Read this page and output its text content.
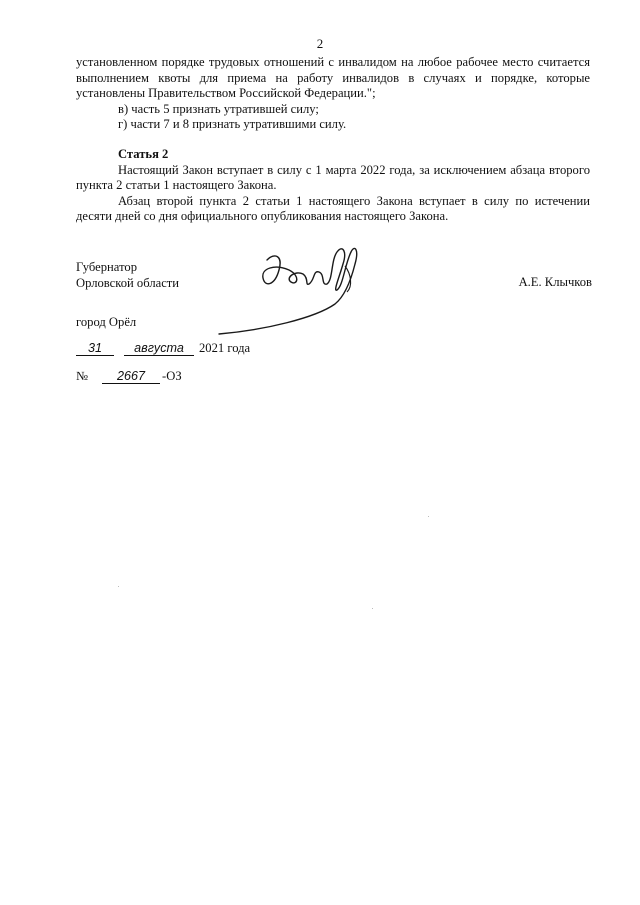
2

установленном порядке трудовых отношений с инвалидом на любое рабочее место считается выполнением квоты для приема на работу инвалидов в случаях и порядке, которые установлены Правительством Российской Федерации.";

в) часть 5 признать утратившей силу;

г) части 7 и 8 признать утратившими силу.

Статья 2

Настоящий Закон вступает в силу с 1 марта 2022 года, за исключением абзаца второго пункта 2 статьи 1 настоящего Закона.

Абзац второй пункта 2 статьи 1 настоящего Закона вступает в силу по истечении десяти дней со дня официального опубликования настоящего Закона.

Губернатор
Орловской области	А.Е. Клычков
город Орёл
31	августа	2021 года
№	2667	-ОЗ
